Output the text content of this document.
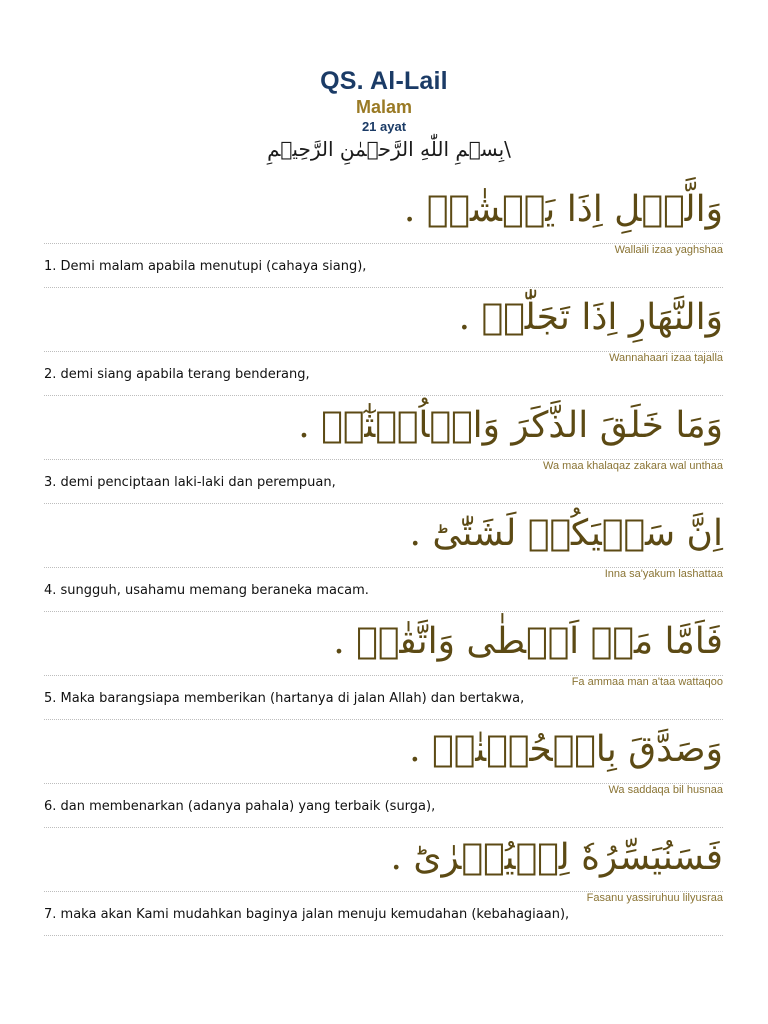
QS. Al-Lail
Malam
21 ayat
\بِسۡمِ اللّٰهِ الرَّحۡمٰنِ الرَّحِيۡمِ
وَالَّيۡلِ اِذَا يَغۡشٰىۙ .
Wallaili izaa yaghshaa
1. Demi malam apabila menutupi (cahaya siang),
وَالنَّهَارِ اِذَا تَجَلّٰىۙ .
Wannahaari izaa tajalla
2. demi siang apabila terang benderang,
وَمَا خَلَقَ الذَّكَرَ وَالۡاُنۡثٰٓىۙ .
Wa maa khalaqaz zakara wal unthaa
3. demi penciptaan laki-laki dan perempuan,
اِنَّ سَعۡيَكُمۡ لَشَتّٰىؕ .
Inna sa'yakum lashattaa
4. sungguh, usahamu memang beraneka macam.
فَاَمَّا مَنۡ اَعۡطٰى وَاتَّقٰىۙ .
Fa ammaa man a'taa wattaqoo
5. Maka barangsiapa memberikan (hartanya di jalan Allah) dan bertakwa,
وَصَدَّقَ بِالۡحُسۡنٰىۙ .
Wa saddaqa bil husnaa
6. dan membenarkan (adanya pahala) yang terbaik (surga),
فَسَنُيَسِّرُهٗ لِلۡيُسۡرٰىؕ .
Fasanu yassiruhuu lilyusraa
7. maka akan Kami mudahkan baginya jalan menuju kemudahan (kebahagiaan),
